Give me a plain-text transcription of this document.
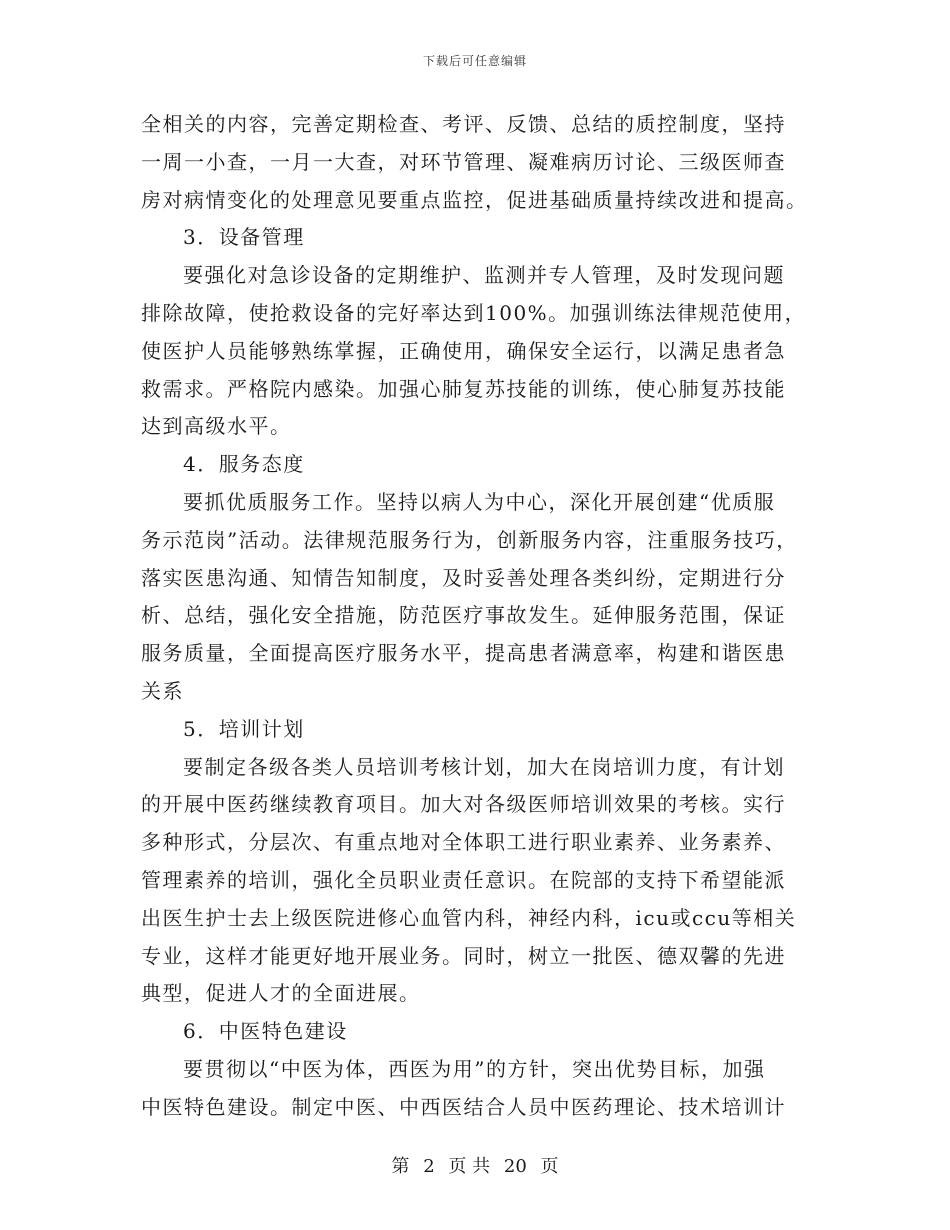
下载后可任意编辑
全相关的内容，完善定期检查、考评、反馈、总结的质控制度，坚持
一周一小查，一月一大查，对环节管理、凝难病历讨论、三级医师查
房对病情变化的处理意见要重点监控，促进基础质量持续改进和提高。
3．设备管理
要强化对急诊设备的定期维护、监测并专人管理，及时发现问题
排除故障，使抢救设备的完好率达到100%。加强训练法律规范使用，
使医护人员能够熟练掌握，正确使用，确保安全运行，以满足患者急
救需求。严格院内感染。加强心肺复苏技能的训练，使心肺复苏技能
达到高级水平。
4．服务态度
要抓优质服务工作。坚持以病人为中心，深化开展创建“优质服
务示范岗”活动。法律规范服务行为，创新服务内容，注重服务技巧，
落实医患沟通、知情告知制度，及时妥善处理各类纠纷，定期进行分
析、总结，强化安全措施，防范医疗事故发生。延伸服务范围，保证
服务质量，全面提高医疗服务水平，提高患者满意率，构建和谐医患
关系
5．培训计划
要制定各级各类人员培训考核计划，加大在岗培训力度，有计划
的开展中医药继续教育项目。加大对各级医师培训效果的考核。实行
多种形式，分层次、有重点地对全体职工进行职业素养、业务素养、
管理素养的培训，强化全员职业责任意识。在院部的支持下希望能派
出医生护士去上级医院进修心血管内科，神经内科，icu或ccu等相关
专业，这样才能更好地开展业务。同时，树立一批医、德双馨的先进
典型，促进人才的全面进展。
6．中医特色建设
要贯彻以“中医为体，西医为用”的方针，突出优势目标，加强
中医特色建设。制定中医、中西医结合人员中医药理论、技术培训计
第 2 页 共 20 页
